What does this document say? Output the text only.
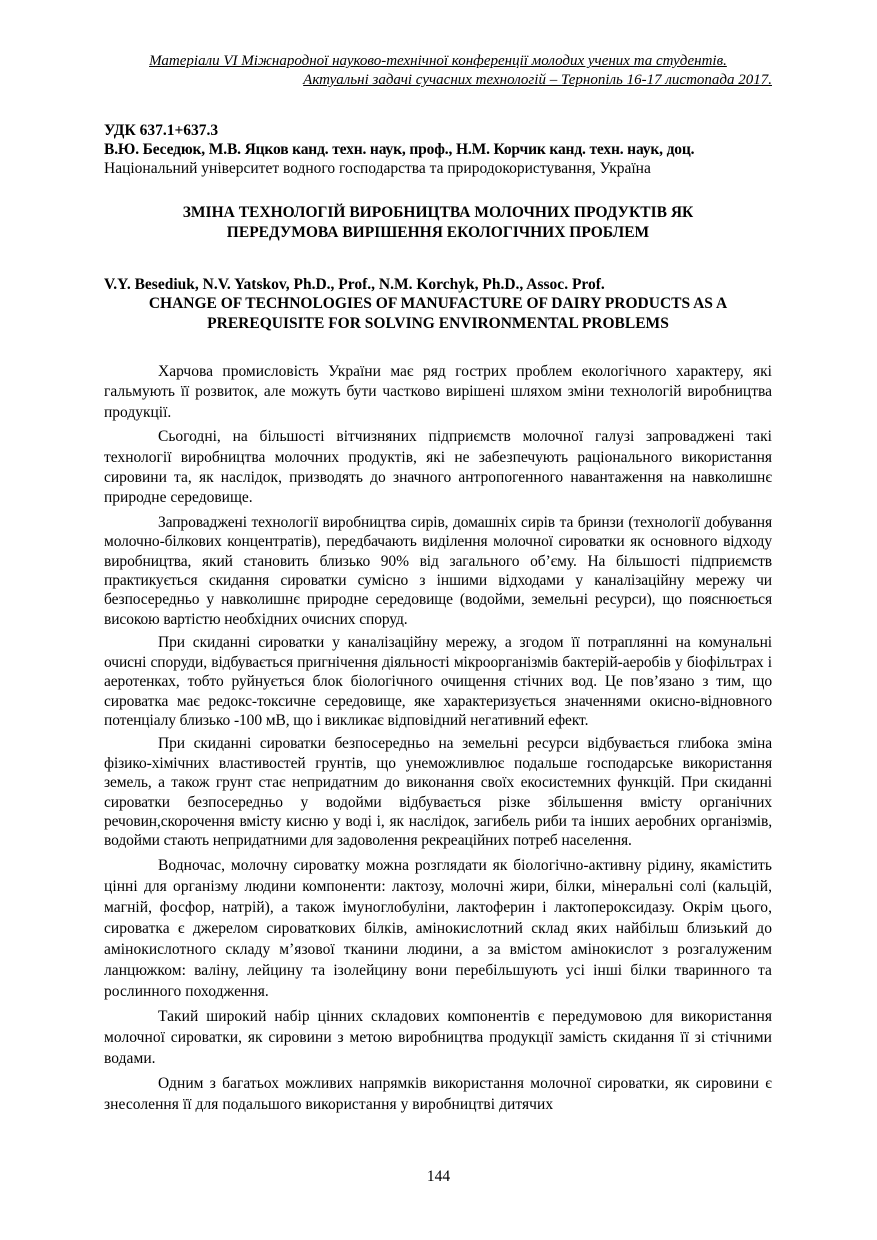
Матеріали VI Міжнародної науково-технічної конференції молодих учених та студентів.
Актуальні задачі сучасних технологій – Тернопіль 16-17 листопада 2017.
УДК 637.1+637.3
В.Ю. Беседюк, М.В. Яцков канд. техн. наук, проф., Н.М. Корчик канд. техн. наук, доц.
Національний університет водного господарства та природокористування, Україна
ЗМІНА ТЕХНОЛОГІЙ ВИРОБНИЦТВА МОЛОЧНИХ ПРОДУКТІВ ЯК
ПЕРЕДУМОВА ВИРІШЕННЯ ЕКОЛОГІЧНИХ ПРОБЛЕМ
V.Y. Besediuk, N.V. Yatskov, Ph.D., Prof., N.M. Korchyk, Ph.D., Assoc. Prof.
CHANGE OF TECHNOLOGIES OF MANUFACTURE OF DAIRY PRODUCTS AS A
PREREQUISITE FOR SOLVING ENVIRONMENTAL PROBLEMS

Харчова промисловість України має ряд гострих проблем екологічного характеру, які гальмують її розвиток, але можуть бути частково вирішені шляхом зміни технологій виробництва продукції.

Сьогодні, на більшості вітчизняних підприємств молочної галузі запроваджені такі технології виробництва молочних продуктів, які не забезпечують раціонального використання сировини та, як наслідок, призводять до значного антропогенного навантаження на навколишнє природне середовище.

Запроваджені технології виробництва сирів, домашніх сирів та бринзи (технології добування молочно-білкових концентратів), передбачають виділення молочної сироватки як основного відходу виробництва, який становить близько 90% від загального об’єму. На більшості підприємств практикується скидання сироватки сумісно з іншими відходами у каналізаційну мережу чи безпосередньо у навколишнє природне середовище (водойми, земельні ресурси), що пояснюється високою вартістю необхідних очисних споруд.

При скиданні сироватки у каналізаційну мережу, а згодом її потраплянні на комунальні очисні споруди, відбувається пригнічення діяльності мікроорганізмів бактерій-аеробів у біофільтрах і аеротенках, тобто руйнується блок біологічного очищення стічних вод. Це пов’язано з тим, що сироватка має редокс-токсичне середовище, яке характеризується значеннями окисно-відновного потенціалу близько -100 мВ, що і викликає відповідний негативний ефект.

При скиданні сироватки безпосередньо на земельні ресурси відбувається глибока зміна фізико-хімічних властивостей грунтів, що унеможливлює подальше господарське використання земель, а також грунт стає непридатним до виконання своїх екосистемних функцій. При скиданні сироватки безпосередньо у водойми відбувається різке збільшення вмісту органічних речовин,скорочення вмісту кисню у воді і, як наслідок, загибель риби та інших аеробних організмів, водойми стають непридатними для задоволення рекреаційних потреб населення.

Водночас, молочну сироватку можна розглядати як біологічно-активну рідину, якамістить цінні для організму людини компоненти: лактозу, молочні жири, білки, мінеральні солі (кальцій, магній, фосфор, натрій), а також імуноглобуліни, лактоферин і лактопероксидазу. Окрім цього, сироватка є джерелом сироваткових білків, амінокислотний склад яких найбільш близький до амінокислотного складу м’язової тканини людини, а за вмістом амінокислот з розгалуженим ланцюжком: валіну, лейцину та ізолейцину вони перебільшують усі інші білки тваринного та рослинного походження.

Такий широкий набір цінних складових компонентів є передумовою для використання молочної сироватки, як сировини з метою виробництва продукції замість скидання її зі стічними водами.

Одним з багатьох можливих напрямків використання молочної сироватки, як сировини є знесолення її для подальшого використання у виробництві дитячих

144
